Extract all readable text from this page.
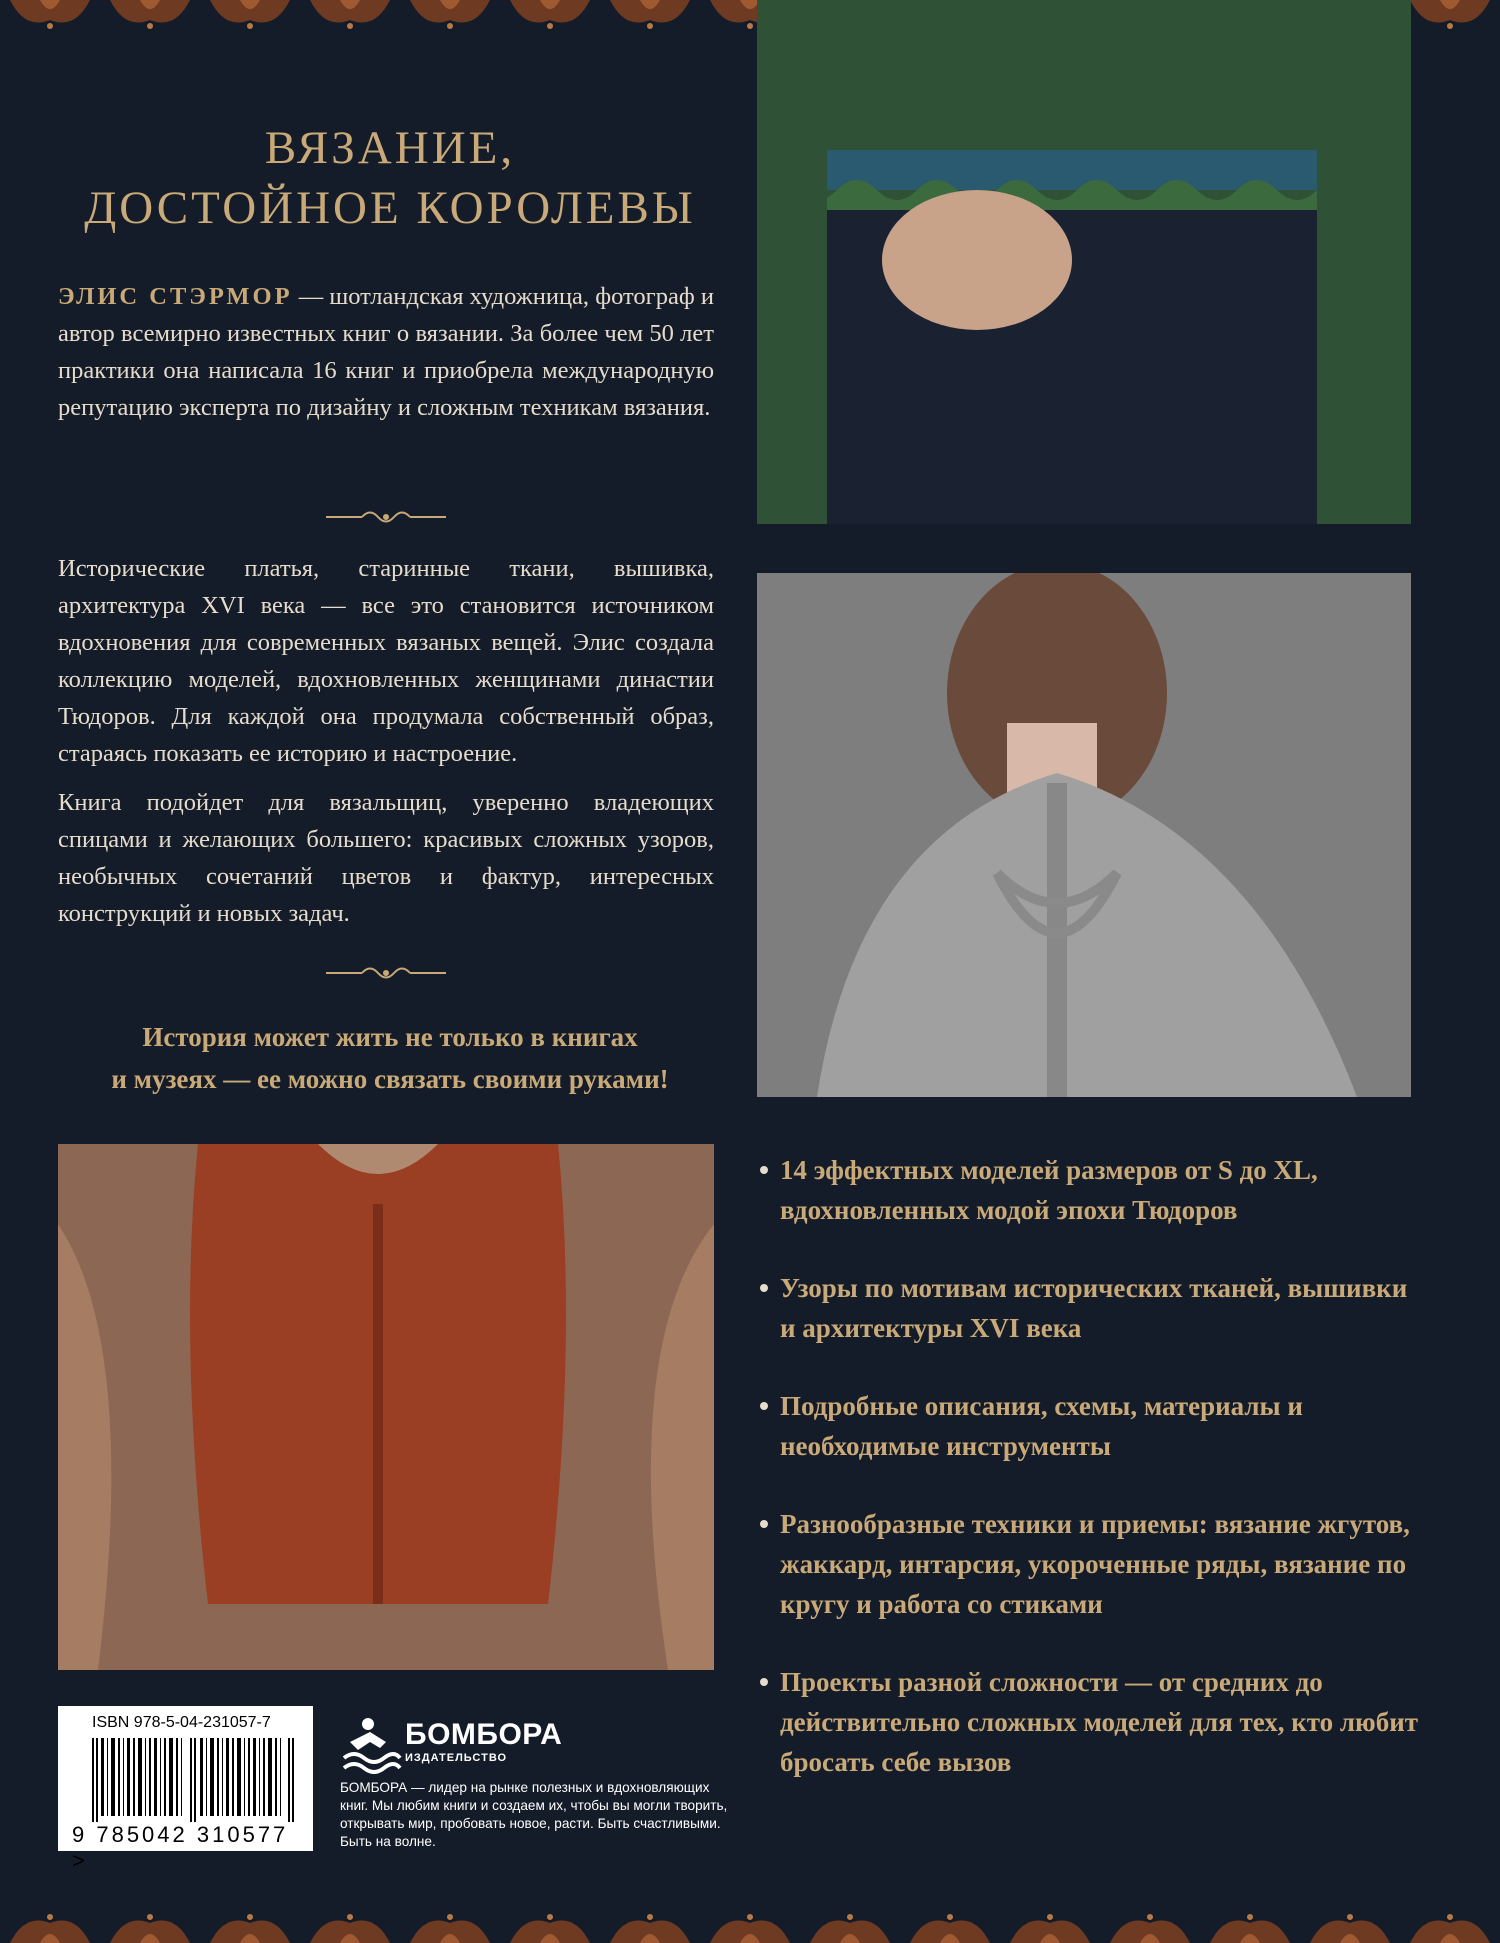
ВЯЗАНИЕ,
ДОСТОЙНОЕ КОРОЛЕВЫ
ЭЛИС СТЭРМОР — шотландская художница, фотограф и автор всемирно известных книг о вязании. За более чем 50 лет практики она написала 16 книг и приобрела международную репутацию эксперта по дизайну и сложным техникам вязания.

Исторические платья, старинные ткани, вышивка, архитектура XVI века — все это становится источником вдохновения для современных вязаных вещей. Элис создала коллекцию моделей, вдохновленных женщинами династии Тюдоров. Для каждой она продумала собственный образ, стараясь показать ее историю и настроение.

Книга подойдет для вязальщиц, уверенно владеющих спицами и желающих большего: красивых сложных узоров, необычных сочетаний цветов и фактур, интересных конструкций и новых задач.

История может жить не только в книгах
и музеях — ее можно связать своими руками!
14 эффектных моделей размеров от S до XL, вдохновленных модой эпохи Тюдоров
Узоры по мотивам исторических тканей, вышивки и архитектуры XVI века
Подробные описания, схемы, материалы и необходимые инструменты
Разнообразные техники и приемы: вязание жгутов, жаккард, интарсия, укороченные ряды, вязание по кругу и работа со стиками
Проекты разной сложности — от средних до действительно сложных моделей для тех, кто любит бросать себе вызов
ISBN 978-5-04-231057-7
9 785042 310577 >
БОМБОРА
ИЗДАТЕЛЬСТВО
БОМБОРА — лидер на рынке полезных и вдохновляющих книг. Мы любим книги и создаем их, чтобы вы могли творить, открывать мир, пробовать новое, расти. Быть счастливыми. Быть на волне.
